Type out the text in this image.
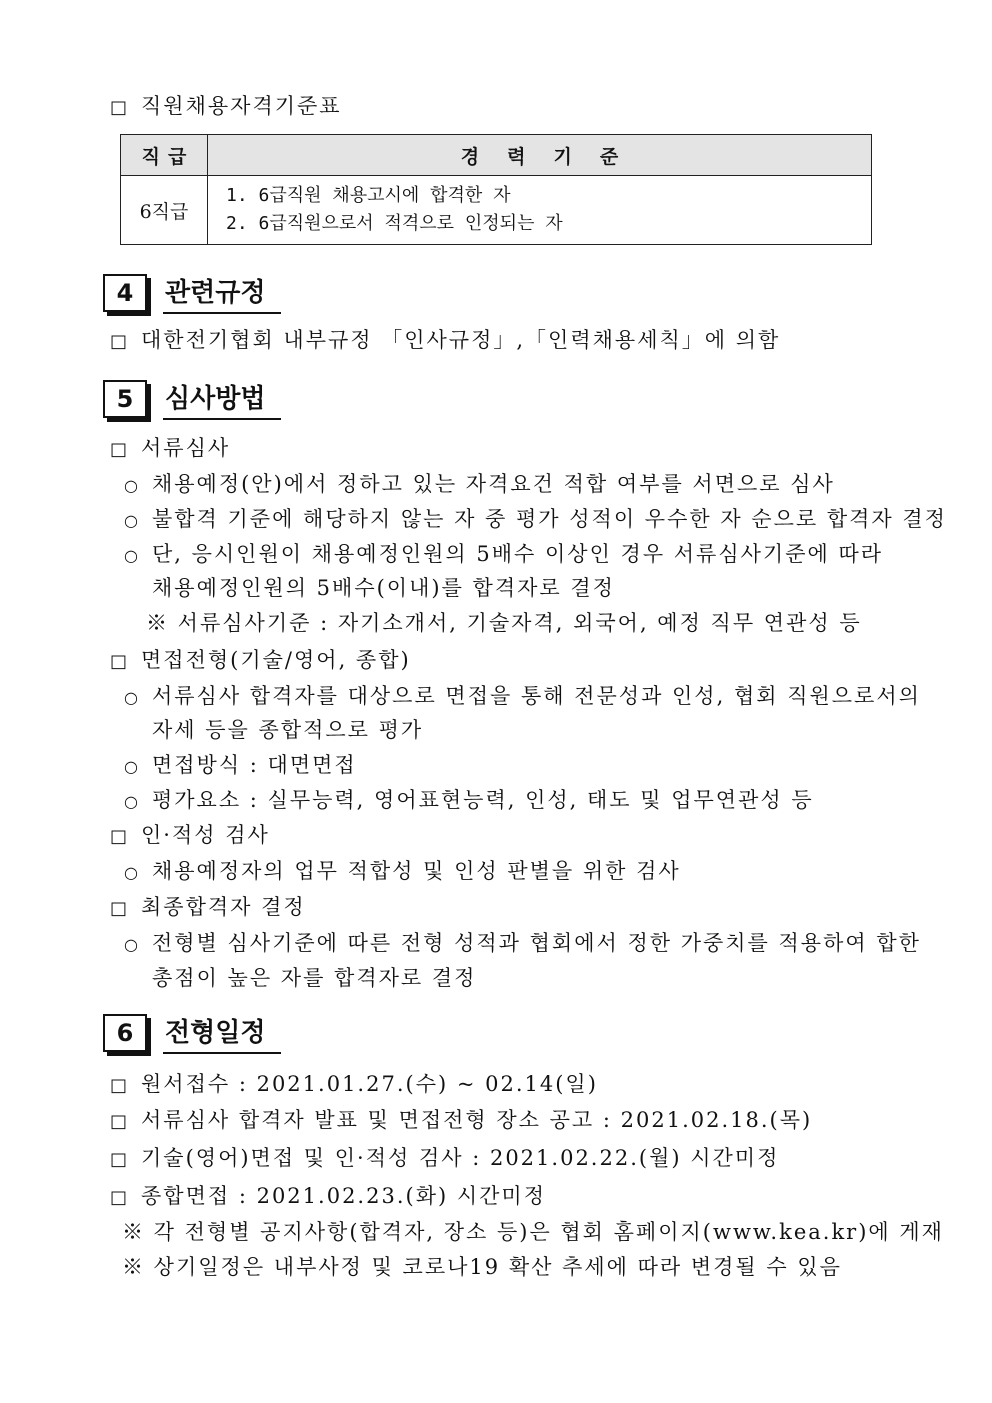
□ 직원채용자격기준표
직급	경력기준
6직급	1. 6급직원 채용고시에 합격한 자
2. 6급직원으로서 적격으로 인정되는 자
4	관련규정
□ 대한전기협회 내부규정 「인사규정」,「인력채용세칙」에 의함
5	심사방법
□ 서류심사
○ 채용예정(안)에서 정하고 있는 자격요건 적합 여부를 서면으로 심사
○ 불합격 기준에 해당하지 않는 자 중 평가 성적이 우수한 자 순으로 합격자 결정
○ 단, 응시인원이 채용예정인원의 5배수 이상인 경우 서류심사기준에 따라
채용예정인원의 5배수(이내)를 합격자로 결정
※ 서류심사기준 : 자기소개서, 기술자격, 외국어, 예정 직무 연관성 등
□ 면접전형(기술/영어, 종합)
○ 서류심사 합격자를 대상으로 면접을 통해 전문성과 인성, 협회 직원으로서의
자세 등을 종합적으로 평가
○ 면접방식 : 대면면접
○ 평가요소 : 실무능력, 영어표현능력, 인성, 태도 및 업무연관성 등
□ 인·적성 검사
○ 채용예정자의 업무 적합성 및 인성 판별을 위한 검사
□ 최종합격자 결정
○ 전형별 심사기준에 따른 전형 성적과 협회에서 정한 가중치를 적용하여 합한
총점이 높은 자를 합격자로 결정
6	전형일정
□ 원서접수 : 2021.01.27.(수) ~ 02.14(일)
□ 서류심사 합격자 발표 및 면접전형 장소 공고 : 2021.02.18.(목)
□ 기술(영어)면접 및 인·적성 검사 : 2021.02.22.(월) 시간미정
□ 종합면접 : 2021.02.23.(화) 시간미정
※ 각 전형별 공지사항(합격자, 장소 등)은 협회 홈페이지(www.kea.kr)에 게재
※ 상기일정은 내부사정 및 코로나19 확산 추세에 따라 변경될 수 있음
